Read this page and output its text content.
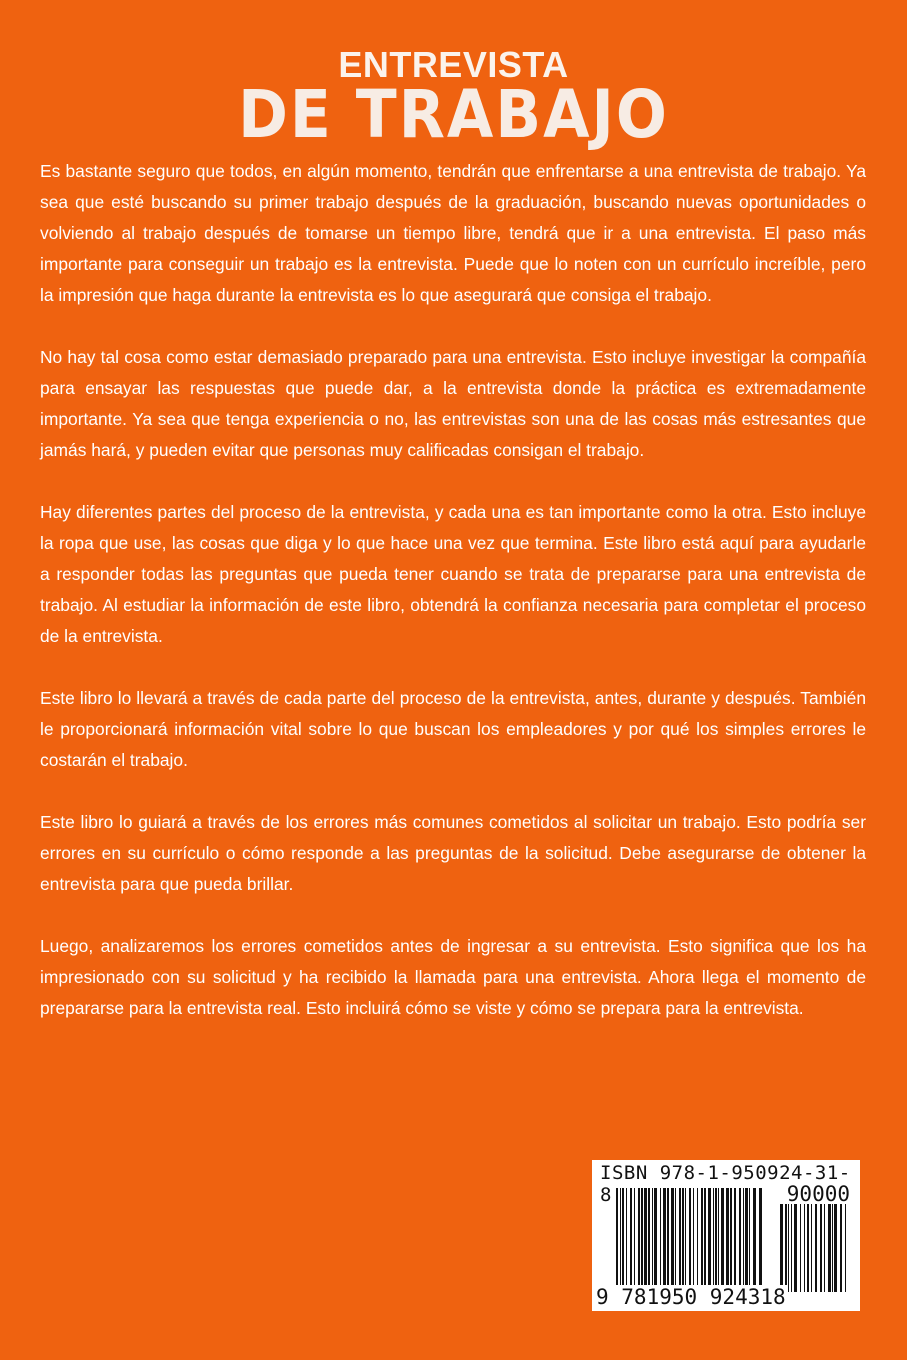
ENTREVISTA
DE TRABAJO

Es bastante seguro que todos, en algún momento, tendrán que enfrentarse a una entrevista de trabajo. Ya sea que esté buscando su primer trabajo después de la graduación, buscando nuevas oportunidades o volviendo al trabajo después de tomarse un tiempo libre, tendrá que ir a una entrevista. El paso más importante para conseguir un trabajo es la entrevista. Puede que lo noten con un currículo increíble, pero la impresión que haga durante la entrevista es lo que asegurará que consiga el trabajo.

No hay tal cosa como estar demasiado preparado para una entrevista. Esto incluye investigar la compañía para ensayar las respuestas que puede dar, a la entrevista donde la práctica es extremadamente importante. Ya sea que tenga experiencia o no, las entrevistas son una de las cosas más estresantes que jamás hará, y pueden evitar que personas muy calificadas consigan el trabajo.

Hay diferentes partes del proceso de la entrevista, y cada una es tan importante como la otra. Esto incluye la ropa que use, las cosas que diga y lo que hace una vez que termina. Este libro está aquí para ayudarle a responder todas las preguntas que pueda tener cuando se trata de prepararse para una entrevista de trabajo. Al estudiar la información de este libro, obtendrá la confianza necesaria para completar el proceso de la entrevista.

Este libro lo llevará a través de cada parte del proceso de la entrevista, antes, durante y después. También le proporcionará información vital sobre lo que buscan los empleadores y por qué los simples errores le costarán el trabajo.

Este libro lo guiará a través de los errores más comunes cometidos al solicitar un trabajo. Esto podría ser errores en su currículo o cómo responde a las preguntas de la solicitud. Debe asegurarse de obtener la entrevista para que pueda brillar.

Luego, analizaremos los errores cometidos antes de ingresar a su entrevista. Esto significa que los ha impresionado con su solicitud y ha recibido la llamada para una entrevista. Ahora llega el momento de prepararse para la entrevista real. Esto incluirá cómo se viste y cómo se prepara para la entrevista.

ISBN 978-1-950924-31-8	90000
9 781950 924318
